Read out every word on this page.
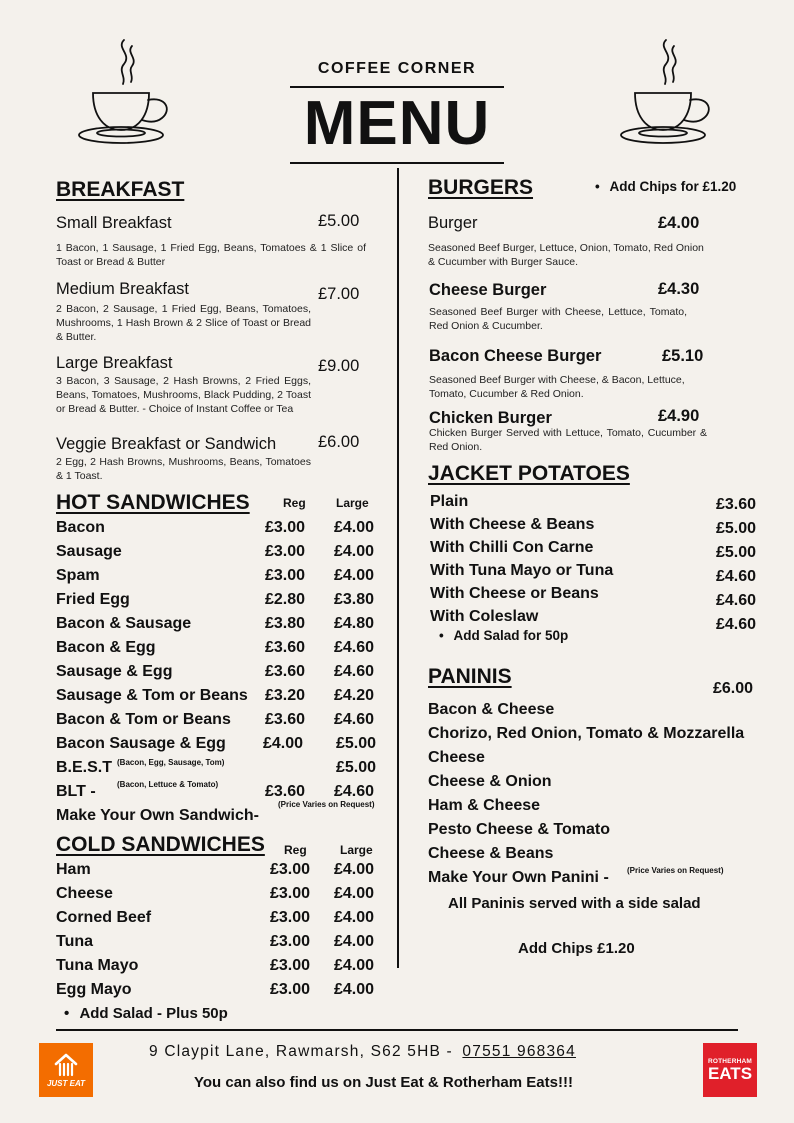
COFFEE CORNER
MENU
BREAKFAST
Small Breakfast	£5.00
1 Bacon, 1 Sausage, 1 Fried Egg, Beans, Tomatoes & 1 Slice of Toast or Bread & Butter
Medium Breakfast	£7.00
2 Bacon, 2 Sausage, 1 Fried Egg, Beans, Tomatoes, Mushrooms, 1 Hash Brown & 2 Slice of Toast or Bread & Butter.
Large Breakfast	£9.00
3 Bacon, 3 Sausage, 2 Hash Browns, 2 Fried Eggs, Beans, Tomatoes, Mushrooms, Black Pudding, 2 Toast or Bread & Butter. - Choice of Instant Coffee or Tea
Veggie Breakfast or Sandwich	£6.00
2 Egg, 2 Hash Browns, Mushrooms, Beans, Tomatoes & 1 Toast.
HOT SANDWICHES	Reg	Large
Bacon	£3.00 £4.00
Sausage	£3.00 £4.00
Spam	£3.00 £4.00
Fried Egg	£2.80 £3.80
Bacon & Sausage	£3.80 £4.80
Bacon & Egg	£3.60 £4.60
Sausage & Egg	£3.60 £4.60
Sausage & Tom or Beans £3.20 £4.20
Bacon & Tom or Beans £3.60 £4.60
Bacon Sausage & Egg £4.00 £5.00
B.E.S.T (Bacon, Egg, Sausage, Tom)	£5.00
BLT -	(Bacon, Lettuce & Tomato)	£3.60 £4.60
Make Your Own Sandwich-
(Price Varies on Request)
COLD SANDWICHES Reg	Large
Ham	£3.00 £4.00
Cheese	£3.00 £4.00
Corned Beef	£3.00 £4.00
Tuna	£3.00 £4.00
Tuna Mayo	£3.00 £4.00
Egg Mayo	£3.00 £4.00
• Add Salad - Plus 50p
BURGERS	• Add Chips for £1.20
Burger	£4.00
Seasoned Beef Burger, Lettuce, Onion, Tomato, Red Onion & Cucumber with Burger Sauce.
Cheese Burger	£4.30
Seasoned Beef Burger with Cheese, Lettuce, Tomato, Red Onion & Cucumber.
Bacon Cheese Burger	£5.10
Seasoned Beef Burger with Cheese, & Bacon, Lettuce, Tomato, Cucumber & Red Onion.
Chicken Burger	£4.90
Chicken Burger Served with Lettuce, Tomato, Cucumber & Red Onion.
JACKET POTATOES
Plain	£3.60
With Cheese & Beans	£5.00
With Chilli Con Carne	£5.00
With Tuna Mayo or Tuna	£4.60
With Cheese or Beans	£4.60
With Coleslaw	£4.60
• Add Salad for 50p
PANINIS
£6.00
Bacon & Cheese
Chorizo, Red Onion, Tomato & Mozzarella
Cheese
Cheese & Onion
Ham & Cheese
Pesto Cheese & Tomato
Cheese & Beans
Make Your Own Panini - (Price Varies on Request)
All Paninis served with a side salad
Add Chips £1.20
JUST EAT
ROTHERHAM
EATS
9 Claypit Lane, Rawmarsh, S62 5HB - 07551 968364
You can also find us on Just Eat & Rotherham Eats!!!
